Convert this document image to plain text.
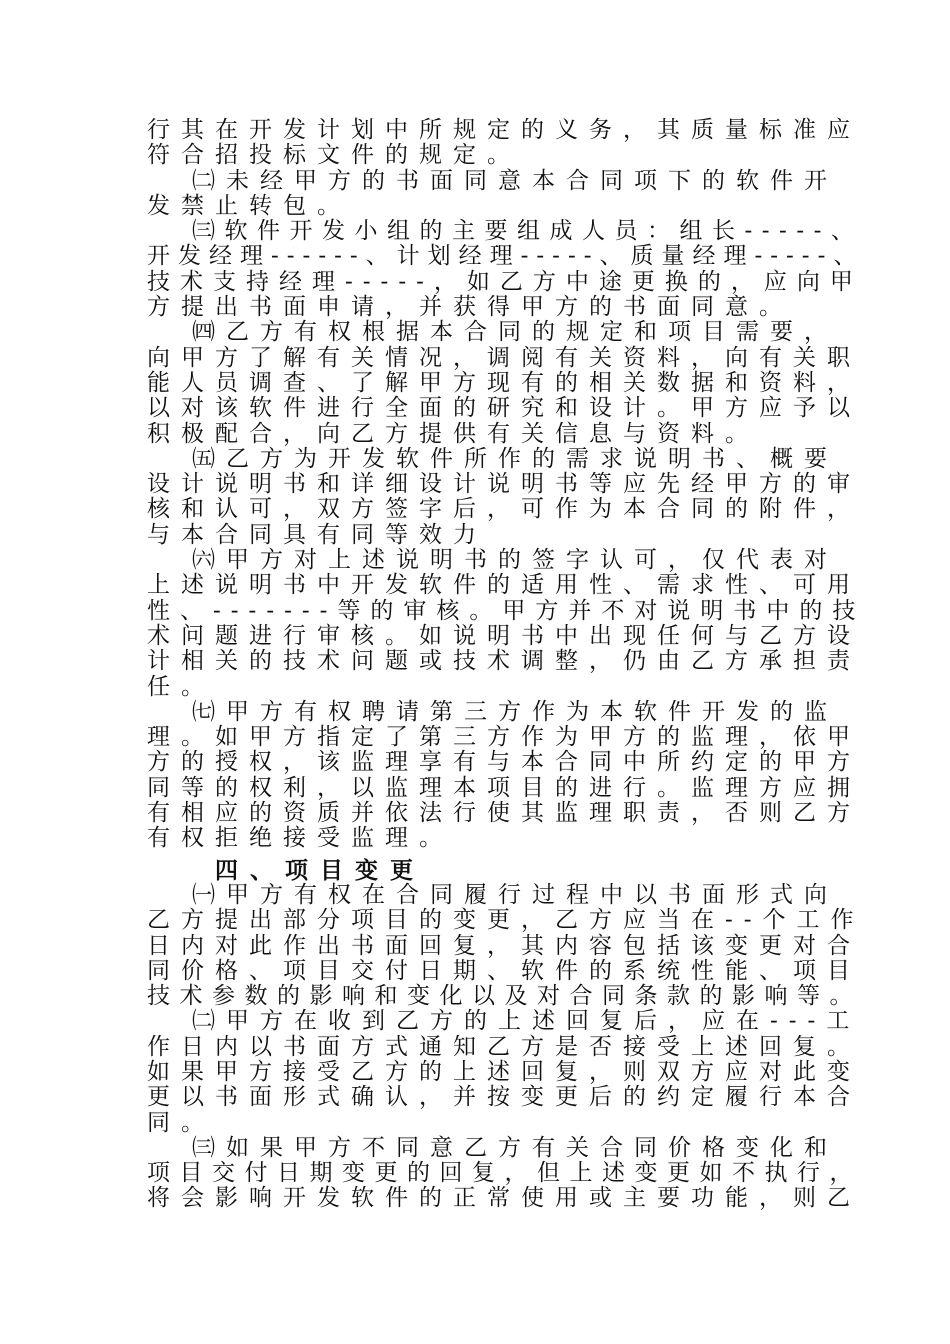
行其在开发计划中所规定的义务，其质量标准应
符合招投标文件的规定。
㈡未经甲方的书面同意本合同项下的软件开
发禁止转包。
㈢软件开发小组的主要组成人员：组长-----、
开发经理------、计划经理-----、质量经理-----、
技术支持经理-----，如乙方中途更换的，应向甲
方提出书面申请，并获得甲方的书面同意。
㈣乙方有权根据本合同的规定和项目需要，
向甲方了解有关情况，调阅有关资料，向有关职
能人员调查、了解甲方现有的相关数据和资料，
以对该软件进行全面的研究和设计。甲方应予以
积极配合，向乙方提供有关信息与资料。
㈤乙方为开发软件所作的需求说明书、概要
设计说明书和详细设计说明书等应先经甲方的审
核和认可，双方签字后，可作为本合同的附件，
与本合同具有同等效力
㈥甲方对上述说明书的签字认可，仅代表对
上述说明书中开发软件的适用性、需求性、可用
性、-------等的审核。甲方并不对说明书中的技
术问题进行审核。如说明书中出现任何与乙方设
计相关的技术问题或技术调整，仍由乙方承担责
任。
㈦甲方有权聘请第三方作为本软件开发的监
理。如甲方指定了第三方作为甲方的监理，依甲
方的授权，该监理享有与本合同中所约定的甲方
同等的权利，以监理本项目的进行。监理方应拥
有相应的资质并依法行使其监理职责，否则乙方
有权拒绝接受监理。
四、项目变更
㈠甲方有权在合同履行过程中以书面形式向
乙方提出部分项目的变更，乙方应当在--个工作
日内对此作出书面回复，其内容包括该变更对合
同价格、项目交付日期、软件的系统性能、项目
技术参数的影响和变化以及对合同条款的影响等。
㈡甲方在收到乙方的上述回复后，应在---工
作日内以书面方式通知乙方是否接受上述回复。
如果甲方接受乙方的上述回复，则双方应对此变
更以书面形式确认，并按变更后的约定履行本合
同。
㈢如果甲方不同意乙方有关合同价格变化和
项目交付日期变更的回复，但上述变更如不执行，
将会影响开发软件的正常使用或主要功能，则乙
